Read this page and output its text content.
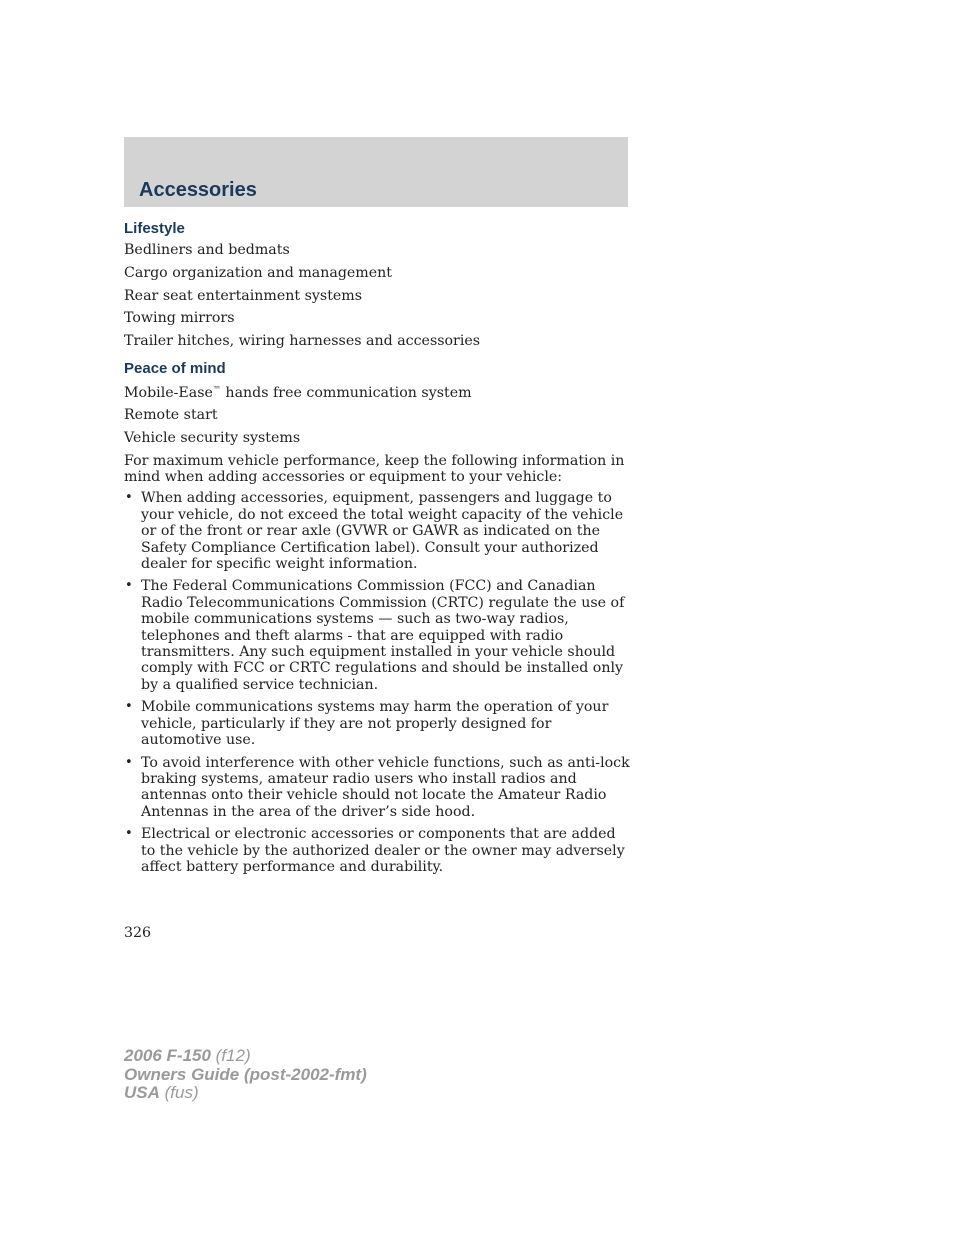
Accessories
Lifestyle

Bedliners and bedmats

Cargo organization and management

Rear seat entertainment systems

Towing mirrors

Trailer hitches, wiring harnesses and accessories

Peace of mind

Mobile-Ease™ hands free communication system

Remote start

Vehicle security systems

For maximum vehicle performance, keep the following information in mind when adding accessories or equipment to your vehicle:

• When adding accessories, equipment, passengers and luggage to your vehicle, do not exceed the total weight capacity of the vehicle or of the front or rear axle (GVWR or GAWR as indicated on the Safety Compliance Certification label). Consult your authorized dealer for specific weight information.
• The Federal Communications Commission (FCC) and Canadian Radio Telecommunications Commission (CRTC) regulate the use of mobile communications systems — such as two-way radios, telephones and theft alarms - that are equipped with radio transmitters. Any such equipment installed in your vehicle should comply with FCC or CRTC regulations and should be installed only by a qualified service technician.
• Mobile communications systems may harm the operation of your vehicle, particularly if they are not properly designed for automotive use.
• To avoid interference with other vehicle functions, such as anti-lock braking systems, amateur radio users who install radios and antennas onto their vehicle should not locate the Amateur Radio Antennas in the area of the driver’s side hood.
• Electrical or electronic accessories or components that are added to the vehicle by the authorized dealer or the owner may adversely affect battery performance and durability.
326
2006 F-150 (f12)
Owners Guide (post-2002-fmt)
USA (fus)
